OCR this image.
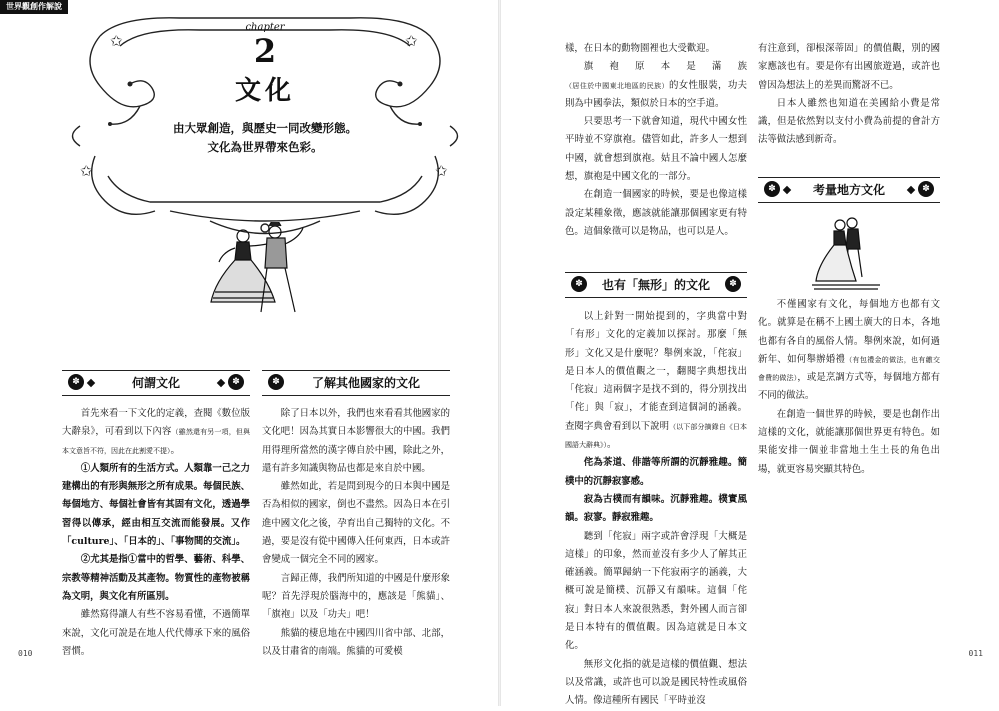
世界觀創作解說
✩	✩
✩	✩
chapter
2
文化
由大眾創造，與歷史一同改變形態。
文化為世界帶來色彩。
✽	何謂文化	✽	✽	了解其他國家的文化

首先來看一下文化的定義，查閱《數位版大辭泉》，可看到以下內容（雖然還有另一項，但與本文意旨不符，因此在此割愛不提）。

①人類所有的生活方式。人類靠一己之力建構出的有形與無形之所有成果。每個民族、每個地方、每個社會皆有其固有文化，透過學習得以傳承，經由相互交流而能發展。又作「culture」、「日本的」、「事物間的交流」。

②尤其是指①當中的哲學、藝術、科學、宗教等精神活動及其產物。物質性的產物被稱為文明，與文化有所區別。

雖然寫得讓人有些不容易看懂，不過簡單來說，文化可說是在地人代代傳承下來的風俗習慣。

除了日本以外，我們也來看看其他國家的文化吧！因為其實日本影響很大的中國。我們用得理所當然的漢字傳自於中國，除此之外，還有許多知識與物品也都是來自於中國。

雖然如此，若是問到現今的日本與中國是否為相似的國家，倒也不盡然。因為日本在引進中國文化之後，孕育出自己獨特的文化。不過，要是沒有從中國傳入任何東西，日本或許會變成一個完全不同的國家。

言歸正傳，我們所知道的中國是什麼形象呢？首先浮現於腦海中的，應該是「熊貓」、「旗袍」以及「功夫」吧！

熊貓的棲息地在中國四川省中部、北部，以及甘肅省的南端。熊貓的可愛模

010

樣，在日本的動物園裡也大受歡迎。

旗袍原本是滿族（居住於中國東北地區的民族）的女性服裝，功夫則為中國拳法，類似於日本的空手道。

只要思考一下就會知道，現代中國女性平時並不穿旗袍。儘管如此，許多人一想到中國，就會想到旗袍。姑且不論中國人怎麼想，旗袍是中國文化的一部分。

在創造一個國家的時候，要是也像這樣設定某種象徵，應該就能讓那個國家更有特色。這個象徵可以是物品，也可以是人。

✽	也有「無形」的文化	✽

以上針對一開始提到的，字典當中對「有形」文化的定義加以探討。那麼「無形」文化又是什麼呢？舉例來說，「侘寂」是日本人的價值觀之一，翻閱字典想找出「侘寂」這兩個字是找不到的，得分別找出「侘」與「寂」，才能查到這個詞的涵義。查閱字典會看到以下說明（以下部分摘錄自《日本國語大辭典》）。

侘為茶道、俳諧等所謂的沉靜雅趣。簡樸中的沉靜寂寥感。

寂為古樸而有韻味。沉靜雅趣。樸實風韻。寂寥。靜寂雅趣。

聽到「侘寂」兩字或許會浮現「大概是這樣」的印象，然而並沒有多少人了解其正確涵義。簡單歸納一下侘寂兩字的涵義，大概可說是簡樸、沉靜又有韻味。這個「侘寂」對日本人來說很熟悉，對外國人而言卻是日本特有的價值觀。因為這就是日本文化。

無形文化指的就是這樣的價值觀、想法以及常識，或許也可以說是國民特性或風俗人情。像這種所有國民「平時並沒

有注意到，卻根深蒂固」的價值觀，別的國家應該也有。要是你有出國旅遊過，或許也曾因為想法上的差異而驚訝不已。

日本人雖然也知道在美國給小費是常識，但是依然對以支付小費為前提的會計方法等做法感到新奇。

✽	考量地方文化	✽

不僅國家有文化，每個地方也都有文化。就算是在稱不上國土廣大的日本，各地也都有各自的風俗人情。舉例來說，如何過新年、如何舉辦婚禮（有包禮金的做法，也有繳交會費的做法），或是烹調方式等，每個地方都有不同的做法。

在創造一個世界的時候，要是也創作出這樣的文化，就能讓那個世界更有特色。如果能安排一個並非當地土生土長的角色出場，就更容易突顯其特色。

011
